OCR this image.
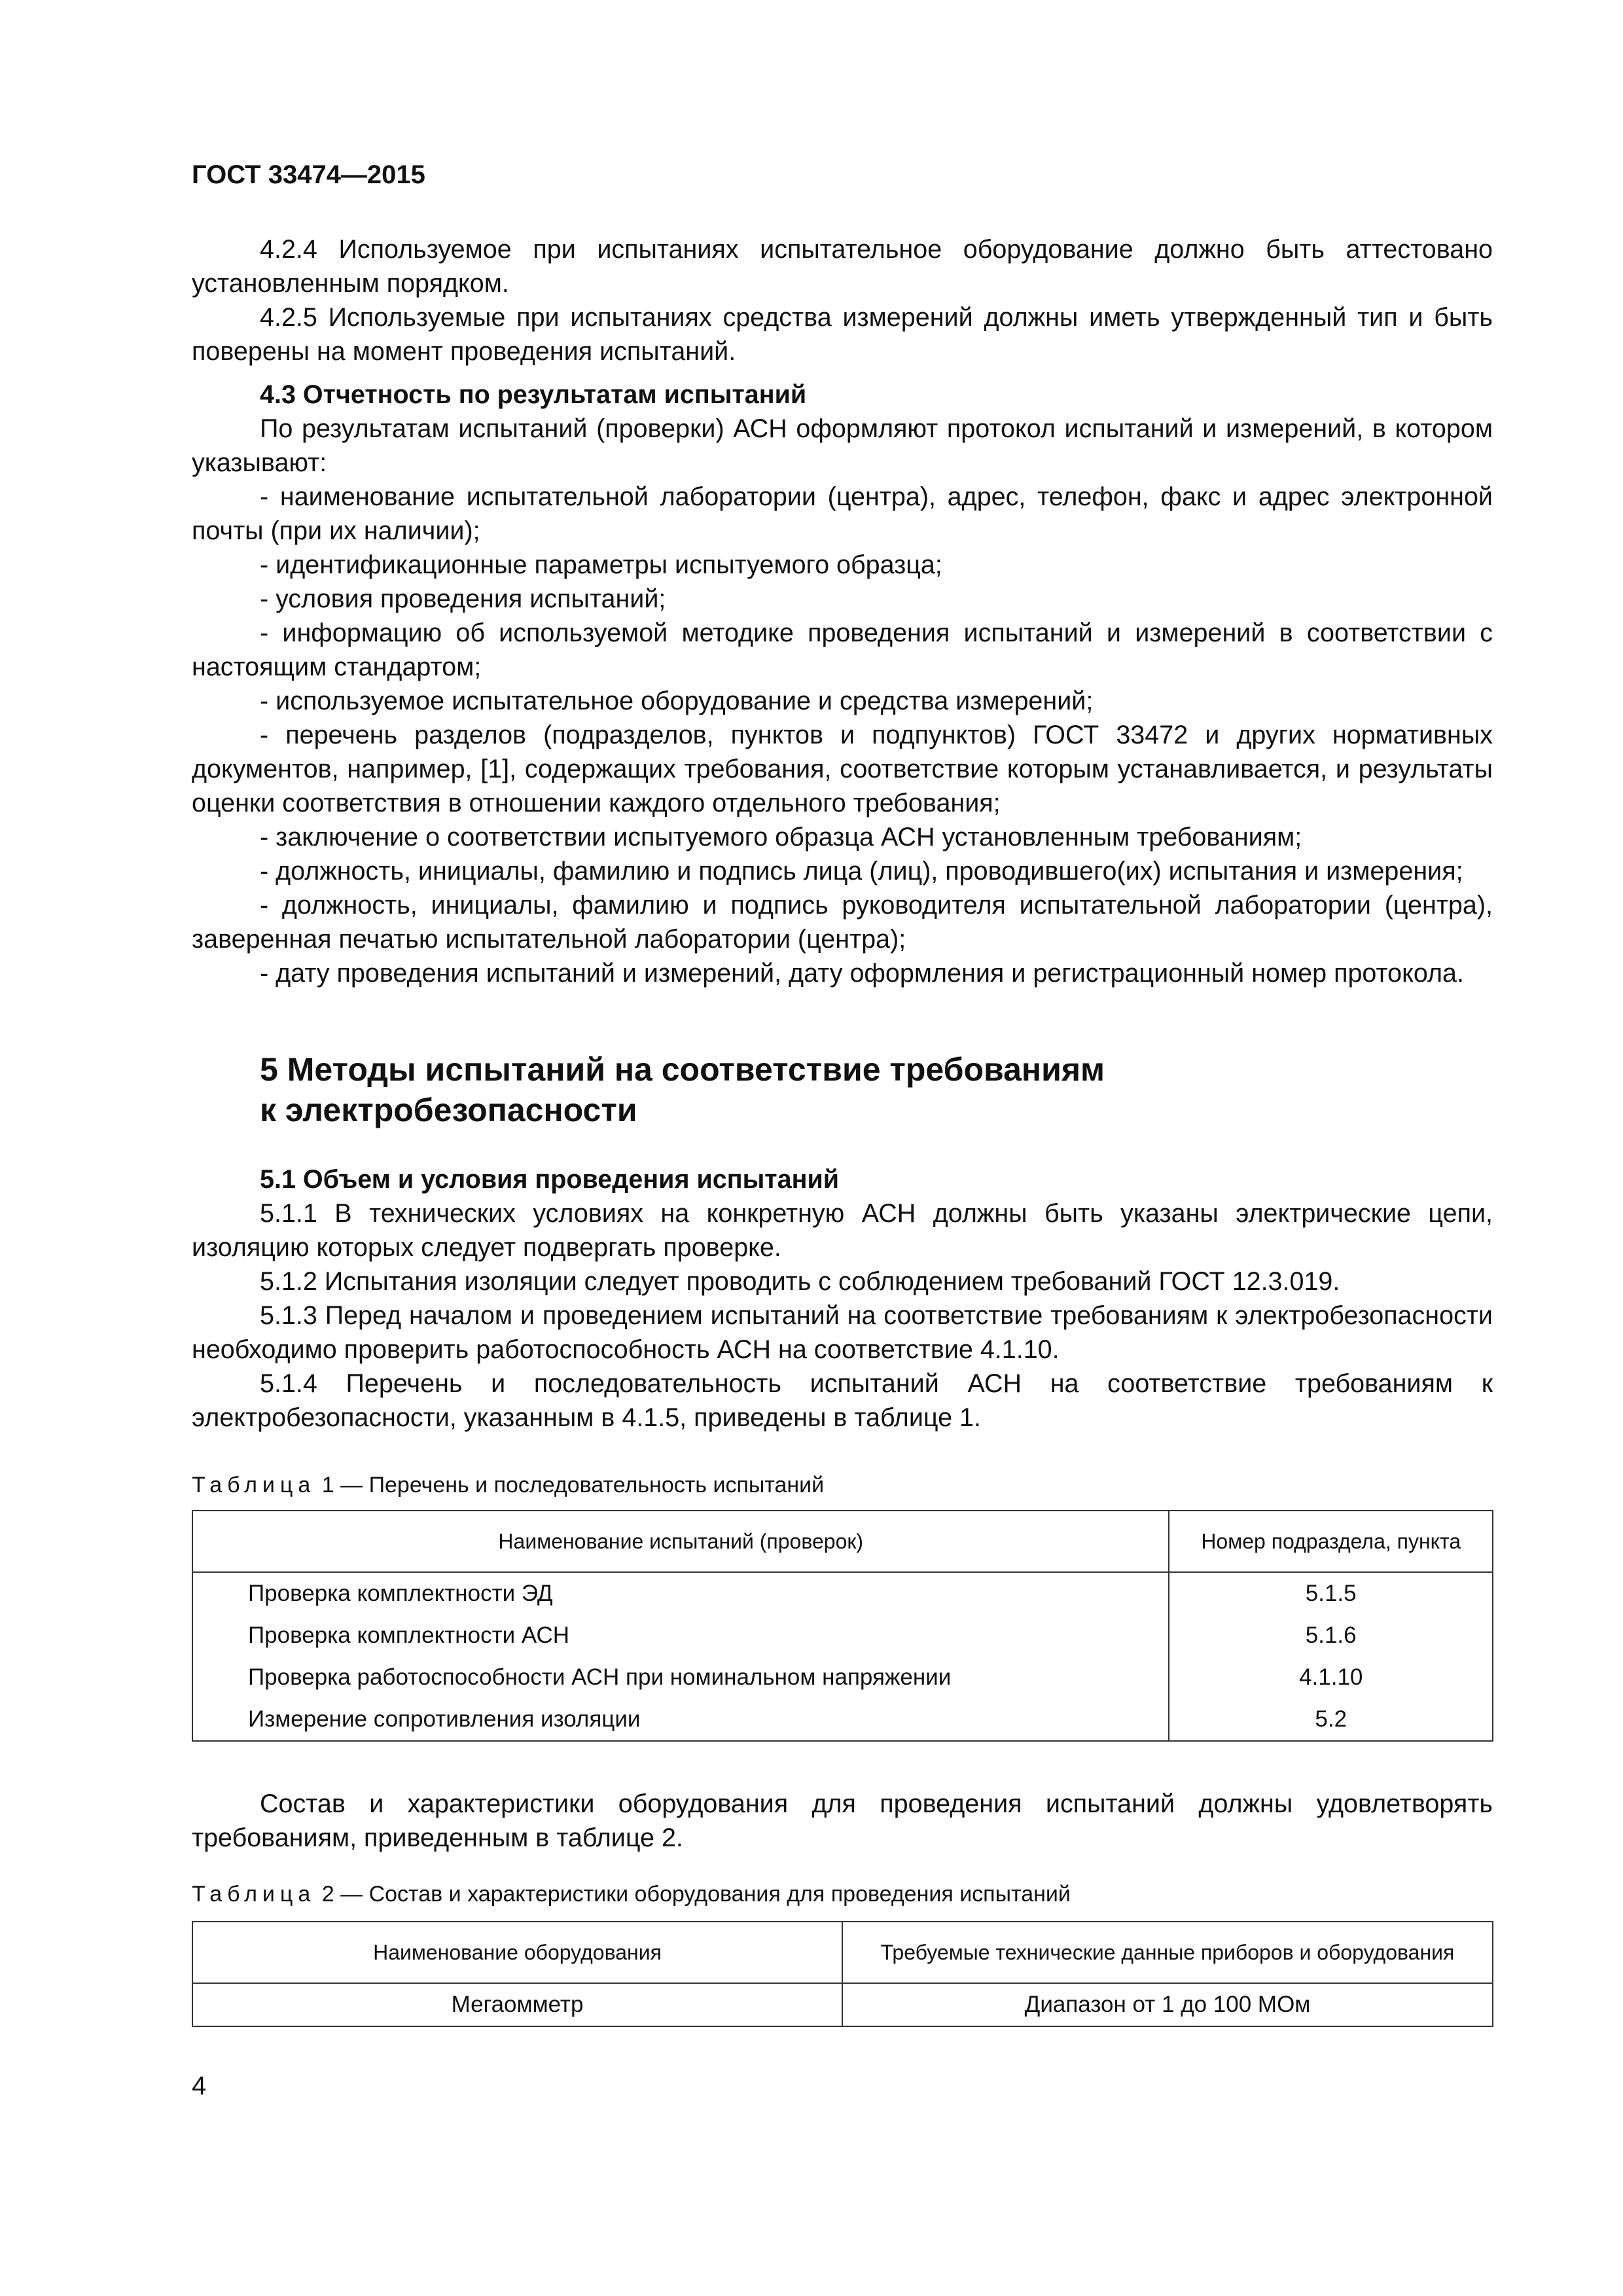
ГОСТ 33474—2015

4.2.4 Используемое при испытаниях испытательное оборудование должно быть аттестовано установленным порядком.

4.2.5 Используемые при испытаниях средства измерений должны иметь утвержденный тип и быть поверены на момент проведения испытаний.

4.3 Отчетность по результатам испытаний

По результатам испытаний (проверки) АСН оформляют протокол испытаний и измерений, в котором указывают:

- наименование испытательной лаборатории (центра), адрес, телефон, факс и адрес электронной почты (при их наличии);

- идентификационные параметры испытуемого образца;

- условия проведения испытаний;

- информацию об используемой методике проведения испытаний и измерений в соответствии с настоящим стандартом;

- используемое испытательное оборудование и средства измерений;

- перечень разделов (подразделов, пунктов и подпунктов) ГОСТ 33472 и других нормативных документов, например, [1], содержащих требования, соответствие которым устанавливается, и результаты оценки соответствия в отношении каждого отдельного требования;

- заключение о соответствии испытуемого образца АСН установленным требованиям;

- должность, инициалы, фамилию и подпись лица (лиц), проводившего(их) испытания и измерения;

- должность, инициалы, фамилию и подпись руководителя испытательной лаборатории (центра), заверенная печатью испытательной лаборатории (центра);

- дату проведения испытаний и измерений, дату оформления и регистрационный номер протокола.

5 Методы испытаний на соответствие требованиям
к электробезопасности

5.1 Объем и условия проведения испытаний

5.1.1 В технических условиях на конкретную АСН должны быть указаны электрические цепи, изоляцию которых следует подвергать проверке.

5.1.2 Испытания изоляции следует проводить с соблюдением требований ГОСТ 12.3.019.

5.1.3 Перед началом и проведением испытаний на соответствие требованиям к электробезопасности необходимо проверить работоспособность АСН на соответствие 4.1.10.

5.1.4 Перечень и последовательность испытаний АСН на соответствие требованиям к электробезопасности, указанным в 4.1.5, приведены в таблице 1.

Таблица 1 — Перечень и последовательность испытаний
Наименование испытаний (проверок)	Номер подраздела, пункта
Проверка комплектности ЭД	5.1.5
Проверка комплектности АСН	5.1.6
Проверка работоспособности АСН при номинальном напряжении	4.1.10
Измерение сопротивления изоляции	5.2

Состав и характеристики оборудования для проведения испытаний должны удовлетворять требованиям, приведенным в таблице 2.

Таблица 2 — Состав и характеристики оборудования для проведения испытаний
Наименование оборудования	Требуемые технические данные приборов и оборудования
Мегаомметр	Диапазон от 1 до 100 МОм
4
